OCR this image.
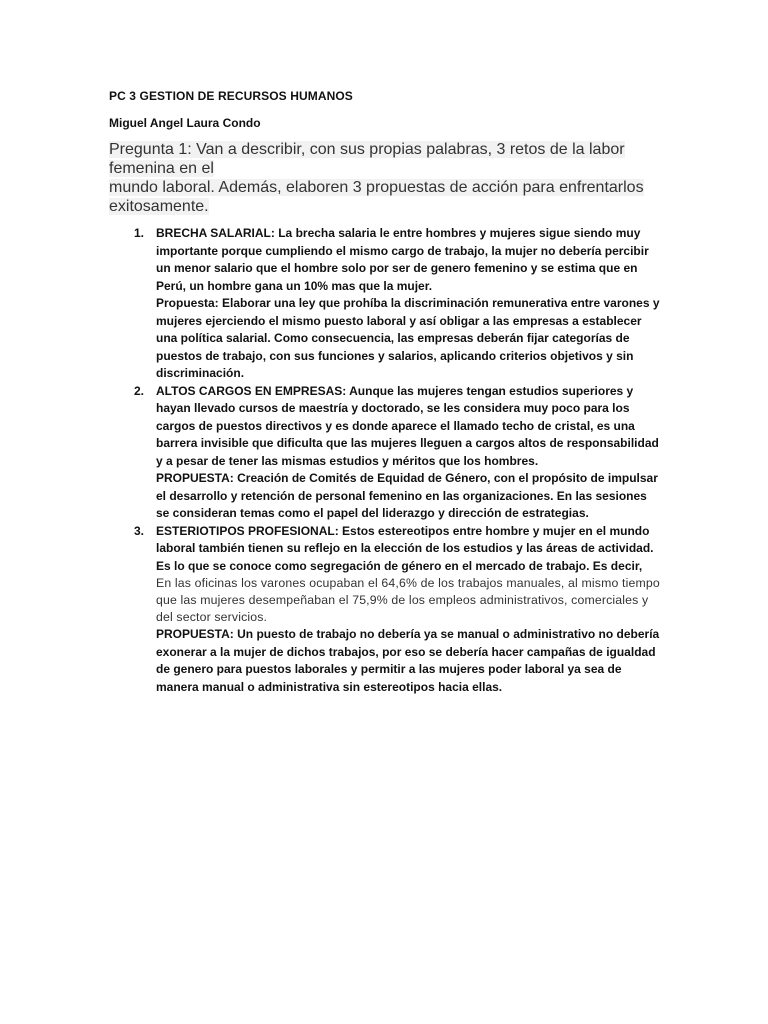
PC 3 GESTION DE RECURSOS HUMANOS
Miguel Angel Laura Condo
Pregunta 1: Van a describir, con sus propias palabras, 3 retos de la labor femenina en el
mundo laboral. Además, elaboren 3 propuestas de acción para enfrentarlos exitosamente.
1. BRECHA SALARIAL: La brecha salaria le entre hombres y mujeres sigue siendo muy importante porque cumpliendo el mismo cargo de trabajo, la mujer no debería percibir un menor salario que el hombre solo por ser de genero femenino y se estima que en Perú, un hombre gana un 10% mas que la mujer.

Propuesta: Elaborar una ley que prohíba la discriminación remunerativa entre varones y mujeres ejerciendo el mismo puesto laboral y así obligar a las empresas a establecer una política salarial. Como consecuencia, las empresas deberán fijar categorías de puestos de trabajo, con sus funciones y salarios, aplicando criterios objetivos y sin discriminación.

2. ALTOS CARGOS EN EMPRESAS: Aunque las mujeres tengan estudios superiores y hayan llevado cursos de maestría y doctorado, se les considera muy poco para los cargos de puestos directivos y es donde aparece el llamado techo de cristal, es una barrera invisible que dificulta que las mujeres lleguen a cargos altos de responsabilidad y a pesar de tener las mismas estudios y méritos que los hombres.

PROPUESTA: Creación de Comités de Equidad de Género, con el propósito de impulsar el desarrollo y retención de personal femenino en las organizaciones. En las sesiones se consideran temas como el papel del liderazgo y dirección de estrategias.

3. ESTERIOTIPOS PROFESIONAL: Estos estereotipos entre hombre y mujer en el mundo laboral también tienen su reflejo en la elección de los estudios y las áreas de actividad. Es lo que se conoce como segregación de género en el mercado de trabajo. Es decir,

En las oficinas los varones ocupaban el 64,6% de los trabajos manuales, al mismo tiempo que las mujeres desempeñaban el 75,9% de los empleos administrativos, comerciales y del sector servicios.

PROPUESTA: Un puesto de trabajo no debería ya se manual o administrativo no debería exonerar a la mujer de dichos trabajos, por eso se debería hacer campañas de igualdad de genero para puestos laborales y permitir a las mujeres poder laboral ya sea de manera manual o administrativa sin estereotipos hacia ellas.
